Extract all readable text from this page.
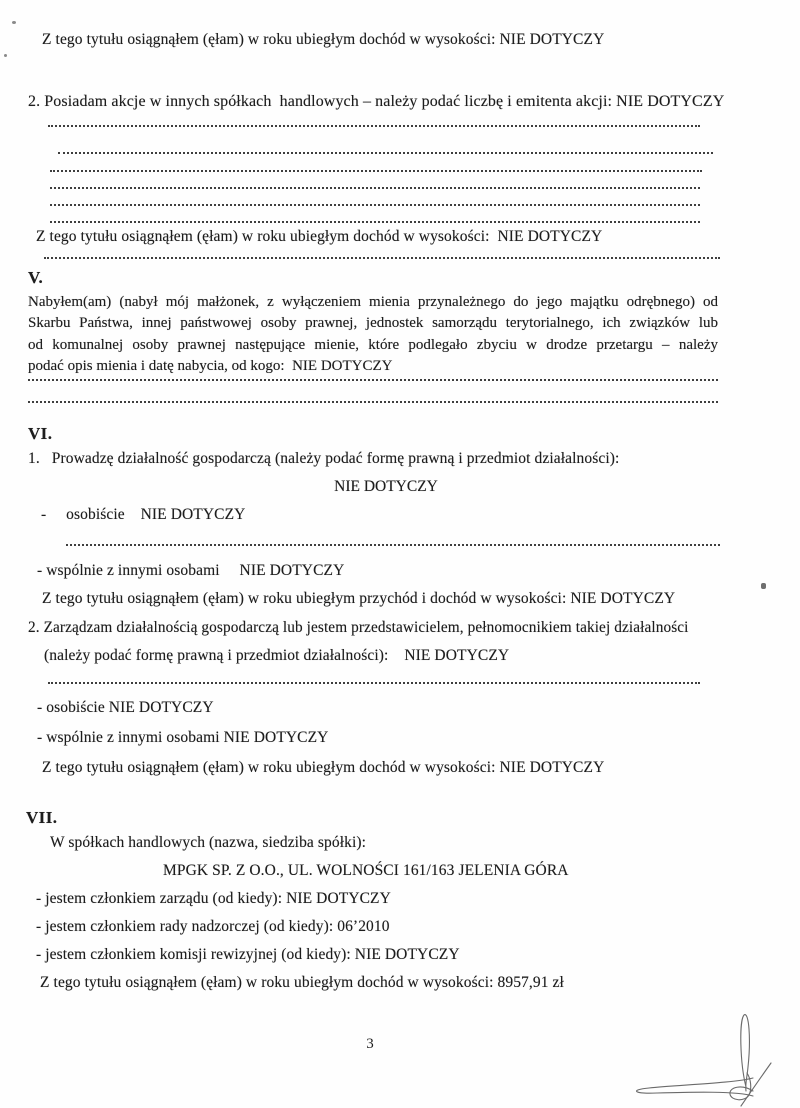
Z tego tytułu osiągnąłem (ęłam) w roku ubiegłym dochód w wysokości: NIE DOTYCZY
2. Posiadam akcje w innych spółkach  handlowych – należy podać liczbę i emitenta akcji: NIE DOTYCZY
Z tego tytułu osiągnąłem (ęłam) w roku ubiegłym dochód w wysokości:  NIE DOTYCZY
V.
Nabyłem(am) (nabył mój małżonek, z wyłączeniem mienia przynależnego do jego majątku odrębnego) od
Skarbu Państwa, innej państwowej osoby prawnej, jednostek samorządu terytorialnego, ich związków lub
od komunalnej osoby prawnej następujące mienie, które podlegało zbyciu w drodze przetargu – należy
podać opis mienia i datę nabycia, od kogo:  NIE DOTYCZY
VI.
1.   Prowadzę działalność gospodarczą (należy podać formę prawną i przedmiot działalności):
NIE DOTYCZY
-     osobiście    NIE DOTYCZY
- wspólnie z innymi osobami     NIE DOTYCZY
Z tego tytułu osiągnąłem (ęłam) w roku ubiegłym przychód i dochód w wysokości: NIE DOTYCZY
2. Zarządzam działalnością gospodarczą lub jestem przedstawicielem, pełnomocnikiem takiej działalności
(należy podać formę prawną i przedmiot działalności):    NIE DOTYCZY
- osobiście NIE DOTYCZY
- wspólnie z innymi osobami NIE DOTYCZY
Z tego tytułu osiągnąłem (ęłam) w roku ubiegłym dochód w wysokości: NIE DOTYCZY
VII.
W spółkach handlowych (nazwa, siedziba spółki):
MPGK SP. Z O.O., UL. WOLNOŚCI 161/163 JELENIA GÓRA
- jestem członkiem zarządu (od kiedy): NIE DOTYCZY
- jestem członkiem rady nadzorczej (od kiedy): 06’2010
- jestem członkiem komisji rewizyjnej (od kiedy): NIE DOTYCZY
Z tego tytułu osiągnąłem (ęłam) w roku ubiegłym dochód w wysokości: 8957,91 zł
3
